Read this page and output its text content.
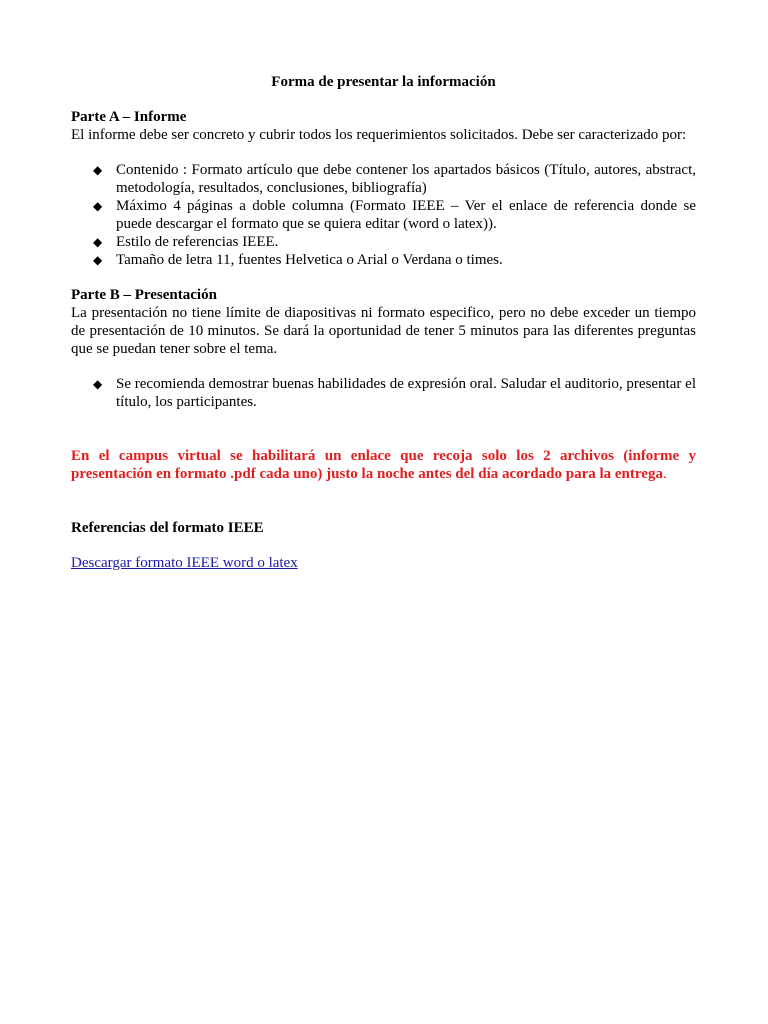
Forma de presentar la información

Parte A – Informe

El informe debe ser concreto y cubrir todos los requerimientos solicitados. Debe ser caracterizado por:

◆ Contenido : Formato artículo que debe contener los apartados básicos (Título, autores, abstract, metodología, resultados, conclusiones, bibliografía)
◆ Máximo 4 páginas a doble columna (Formato IEEE – Ver el enlace de referencia donde se puede descargar el formato que se quiera editar (word o latex)).
◆ Estilo de referencias IEEE.
◆ Tamaño de letra 11, fuentes Helvetica o Arial o Verdana o times.

Parte B – Presentación

La presentación no tiene límite de diapositivas ni formato especifico, pero no debe exceder un tiempo de presentación de 10 minutos. Se dará la oportunidad de tener 5 minutos para las diferentes preguntas que se puedan tener sobre el tema.

◆ Se recomienda demostrar buenas habilidades de expresión oral. Saludar el auditorio, presentar el título, los participantes.

En el campus virtual se habilitará un enlace que recoja solo los 2 archivos (informe y presentación en formato .pdf cada uno) justo la noche antes del día acordado para la entrega.

Referencias del formato IEEE

Descargar formato IEEE word o latex
